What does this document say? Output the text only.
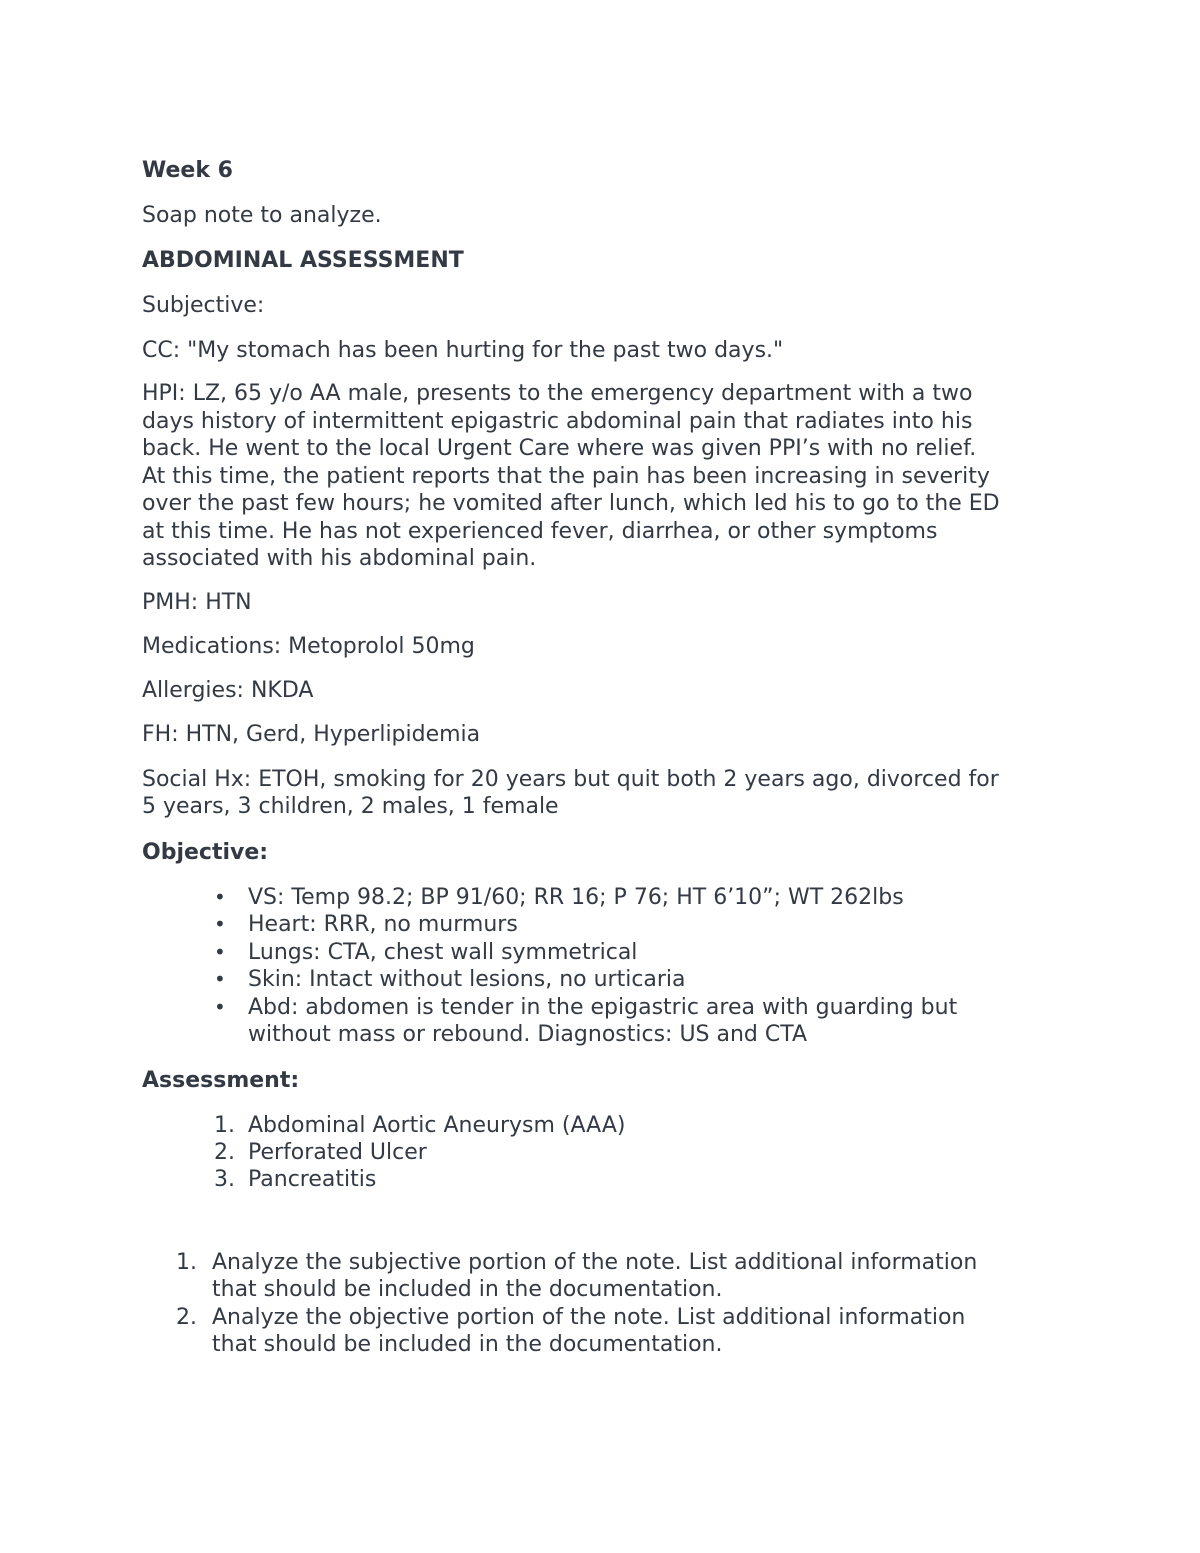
Week 6

Soap note to analyze.

ABDOMINAL ASSESSMENT

Subjective:

CC: "My stomach has been hurting for the past two days."

HPI: LZ, 65 y/o AA male, presents to the emergency department with a two
days history of intermittent epigastric abdominal pain that radiates into his
back. He went to the local Urgent Care where was given PPI’s with no relief.
At this time, the patient reports that the pain has been increasing in severity
over the past few hours; he vomited after lunch, which led his to go to the ED
at this time. He has not experienced fever, diarrhea, or other symptoms
associated with his abdominal pain.

PMH: HTN

Medications: Metoprolol 50mg

Allergies: NKDA

FH: HTN, Gerd, Hyperlipidemia

Social Hx: ETOH, smoking for 20 years but quit both 2 years ago, divorced for
5 years, 3 children, 2 males, 1 female

Objective:

• VS: Temp 98.2; BP 91/60; RR 16; P 76; HT 6’10”; WT 262lbs
• Heart: RRR, no murmurs
• Lungs: CTA, chest wall symmetrical
• Skin: Intact without lesions, no urticaria
• Abd: abdomen is tender in the epigastric area with guarding but
without mass or rebound. Diagnostics: US and CTA

Assessment:

1. Abdominal Aortic Aneurysm (AAA)
2. Perforated Ulcer
3. Pancreatitis
1. Analyze the subjective portion of the note. List additional information
that should be included in the documentation.
2. Analyze the objective portion of the note. List additional information
that should be included in the documentation.
